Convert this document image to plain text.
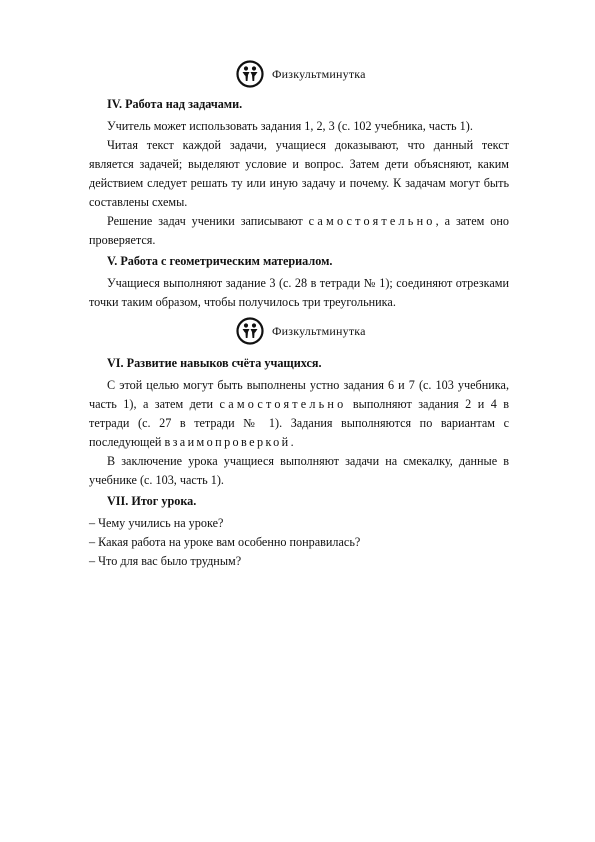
Физкультминутка
IV. Работа над задачами.

Учитель может использовать задания 1, 2, 3 (с. 102 учебника, часть 1).

Читая текст каждой задачи, учащиеся доказывают, что данный текст является задачей; выделяют условие и вопрос. Затем дети объясняют, каким действием следует решать ту или иную задачу и почему. К задачам могут быть составлены схемы.

Решение задач ученики записывают самостоятельно, а затем оно проверяется.

V. Работа с геометрическим материалом.

Учащиеся выполняют задание 3 (с. 28 в тетради № 1); соединяют отрезками точки таким образом, чтобы получилось три треугольника.

Физкультминутка
VI. Развитие навыков счёта учащихся.

С этой целью могут быть выполнены устно задания 6 и 7 (с. 103 учебника, часть 1), а затем дети самостоятельно выполняют задания 2 и 4 в тетради (с. 27 в тетради № 1). Задания выполняются по вариантам с последующей взаимопроверкой.

В заключение урока учащиеся выполняют задачи на смекалку, данные в учебнике (с. 103, часть 1).

VII. Итог урока.
– Чему учились на уроке?
– Какая работа на уроке вам особенно понравилась?
– Что для вас было трудным?
